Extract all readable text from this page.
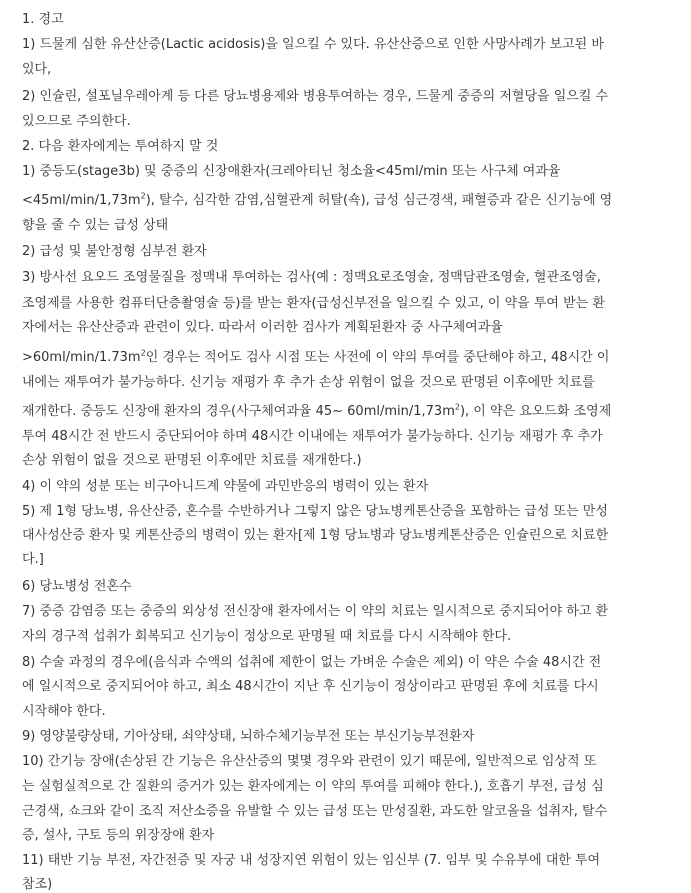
1. 경고
1) 드물게 심한 유산산증(Lactic acidosis)을 일으킬 수 있다. 유산산증으로 인한 사망사례가 보고된 바
있다,
2) 인슐린, 설포닐우레아계 등 다른 당뇨병용제와 병용투여하는 경우, 드물게 중증의 저혈당을 일으킬 수
있으므로 주의한다.
2. 다음 환자에게는 투여하지 말 것
1) 중등도(stage3b) 및 중증의 신장애환자(크레아티닌 청소율<45ml/min 또는 사구체 여과율
$<45ml/\min/1,73m^2$), 탈수, 심각한 감염,심혈관계 허탈(쇽), 급성 심근경색, 패혈증과 같은 신기능에 영
향을 줄 수 있는 급성 상태
2) 급성 및 불안정형 심부전 환자
3) 방사선 요오드 조영물질을 정맥내 투여하는 검사(예 : 정맥요로조영술, 정맥담관조영술, 혈관조영술,
조영제를 사용한 컴퓨터단층촬영술 등)를 받는 환자(급성신부전을 일으킬 수 있고, 이 약을 투여 받는 환
자에서는 유산산증과 관련이 있다. 따라서 이러한 검사가 계획된환자 중 사구체여과율
$>60ml/\min/1.73m^2$인 경우는 적어도 검사 시점 또는 사전에 이 약의 투여를 중단해야 하고, 48시간 이
내에는 재투여가 불가능하다. 신기능 재평가 후 추가 손상 위험이 없을 것으로 판명된 이후에만 치료를
재개한다. 중등도 신장애 환자의 경우(사구체여과율 45~ $60ml/\min/1,73m^2$), 이 약은 요오드화 조영제
투여 48시간 전 반드시 중단되어야 하며 48시간 이내에는 재투여가 불가능하다. 신기능 재평가 후 추가
손상 위험이 없을 것으로 판명된 이후에만 치료를 재개한다.)
4) 이 약의 성분 또는 비구아니드계 약물에 과민반응의 병력이 있는 환자
5) 제 1형 당뇨병, 유산산증, 혼수를 수반하거나 그렇지 않은 당뇨병케톤산증을 포함하는 급성 또는 만성
대사성산증 환자 및 케톤산증의 병력이 있는 환자[제 1형 당뇨병과 당뇨병케톤산증은 인슐린으로 치료한
다.]
6) 당뇨병성 전혼수
7) 중증 감염증 또는 중증의 외상성 전신장애 환자에서는 이 약의 치료는 일시적으로 중지되어야 하고 환
자의 경구적 섭취가 회복되고 신기능이 정상으로 판명될 때 치료를 다시 시작해야 한다.
8) 수술 과정의 경우에(음식과 수액의 섭취에 제한이 없는 가벼운 수술은 제외) 이 약은 수술 48시간 전
에 일시적으로 중지되어야 하고, 최소 48시간이 지난 후 신기능이 정상이라고 판명된 후에 치료를 다시
시작해야 한다.
9) 영양불량상태, 기아상태, 쇠약상태, 뇌하수체기능부전 또는 부신기능부전환자
10) 간기능 장애(손상된 간 기능은 유산산증의 몇몇 경우와 관련이 있기 때문에, 일반적으로 임상적 또
는 실험실적으로 간 질환의 증거가 있는 환자에게는 이 약의 투여를 피해야 한다.), 호흡기 부전, 급성 심
근경색, 쇼크와 같이 조직 저산소증을 유발할 수 있는 급성 또는 만성질환, 과도한 알코올을 섭취자, 탈수
증, 설사, 구토 등의 위장장애 환자
11) 태반 기능 부전, 자간전증 및 자궁 내 성장지연 위험이 있는 임신부 (7. 임부 및 수유부에 대한 투여
참조)
